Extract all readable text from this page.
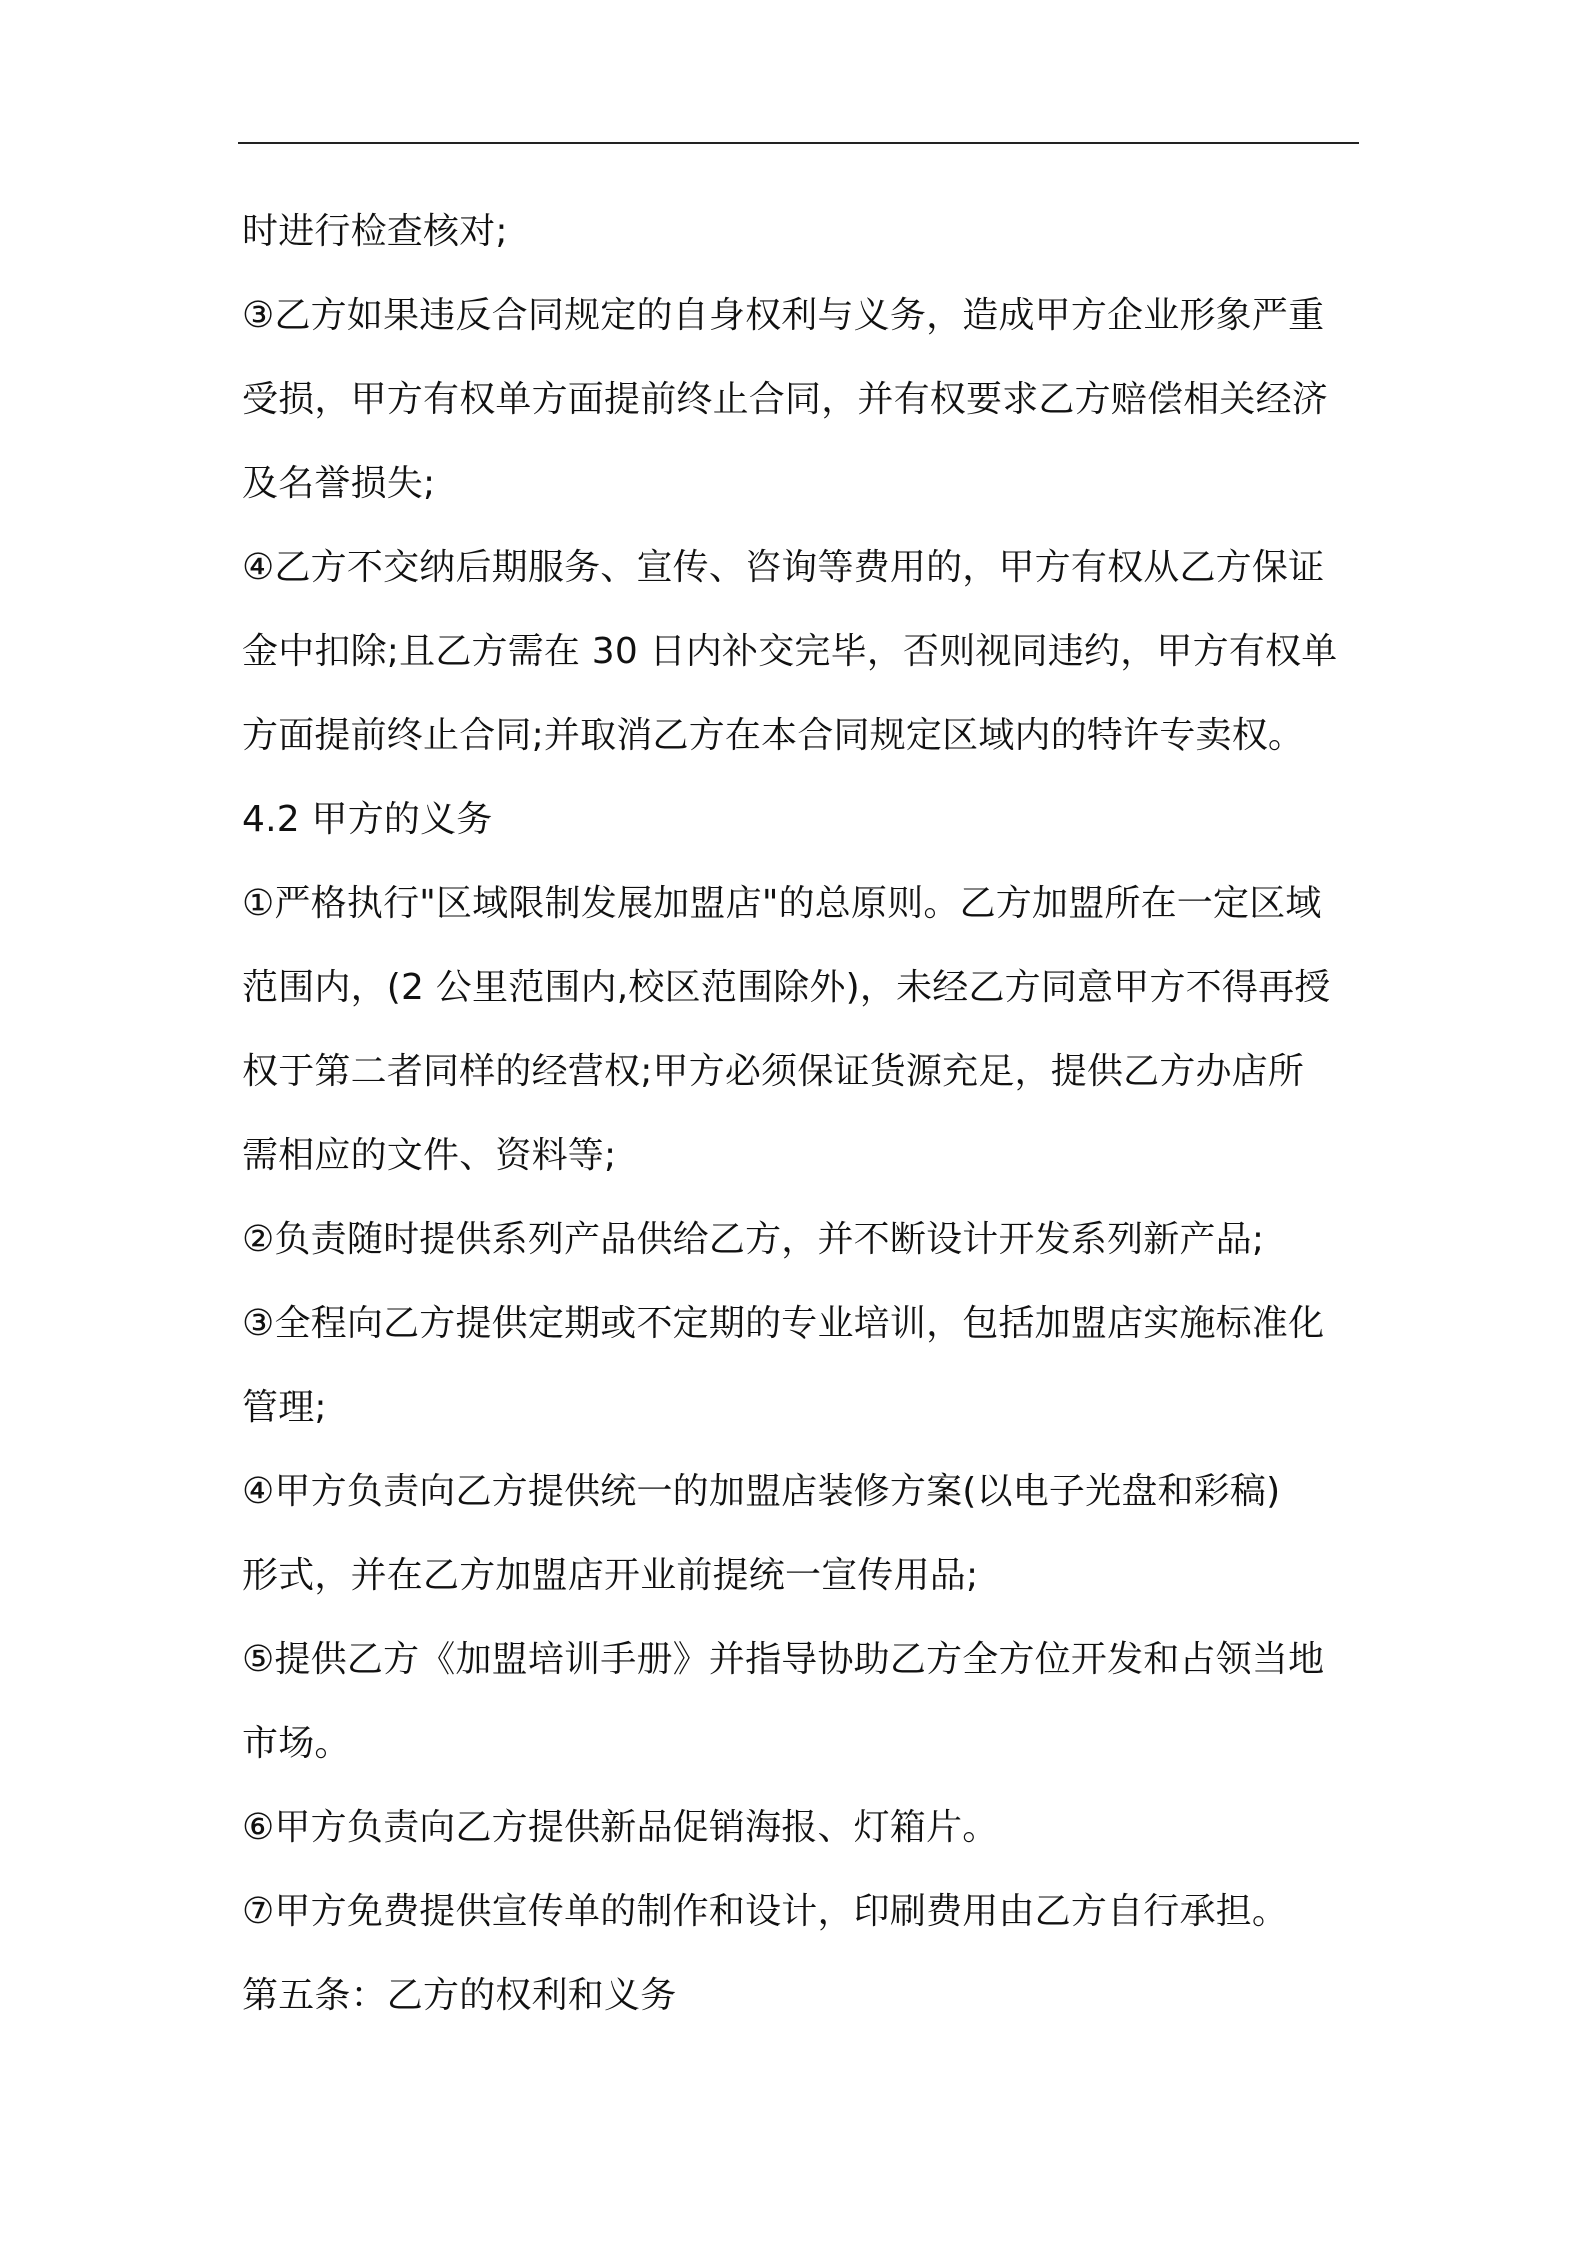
时进行检查核对;
③乙方如果违反合同规定的自身权利与义务，造成甲方企业形象严重
受损，甲方有权单方面提前终止合同，并有权要求乙方赔偿相关经济
及名誉损失;
④乙方不交纳后期服务、宣传、咨询等费用的，甲方有权从乙方保证
金中扣除;且乙方需在 30 日内补交完毕，否则视同违约，甲方有权单
方面提前终止合同;并取消乙方在本合同规定区域内的特许专卖权。
4.2 甲方的义务
①严格执行"区域限制发展加盟店"的总原则。乙方加盟所在一定区域
范围内，(2 公里范围内,校区范围除外)，未经乙方同意甲方不得再授
权于第二者同样的经营权;甲方必须保证货源充足，提供乙方办店所
需相应的文件、资料等;
②负责随时提供系列产品供给乙方，并不断设计开发系列新产品;
③全程向乙方提供定期或不定期的专业培训，包括加盟店实施标准化
管理;
④甲方负责向乙方提供统一的加盟店装修方案(以电子光盘和彩稿)
形式，并在乙方加盟店开业前提统一宣传用品;
⑤提供乙方《加盟培训手册》并指导协助乙方全方位开发和占领当地
市场。
⑥甲方负责向乙方提供新品促销海报、灯箱片。
⑦甲方免费提供宣传单的制作和设计，印刷费用由乙方自行承担。
第五条：乙方的权利和义务
